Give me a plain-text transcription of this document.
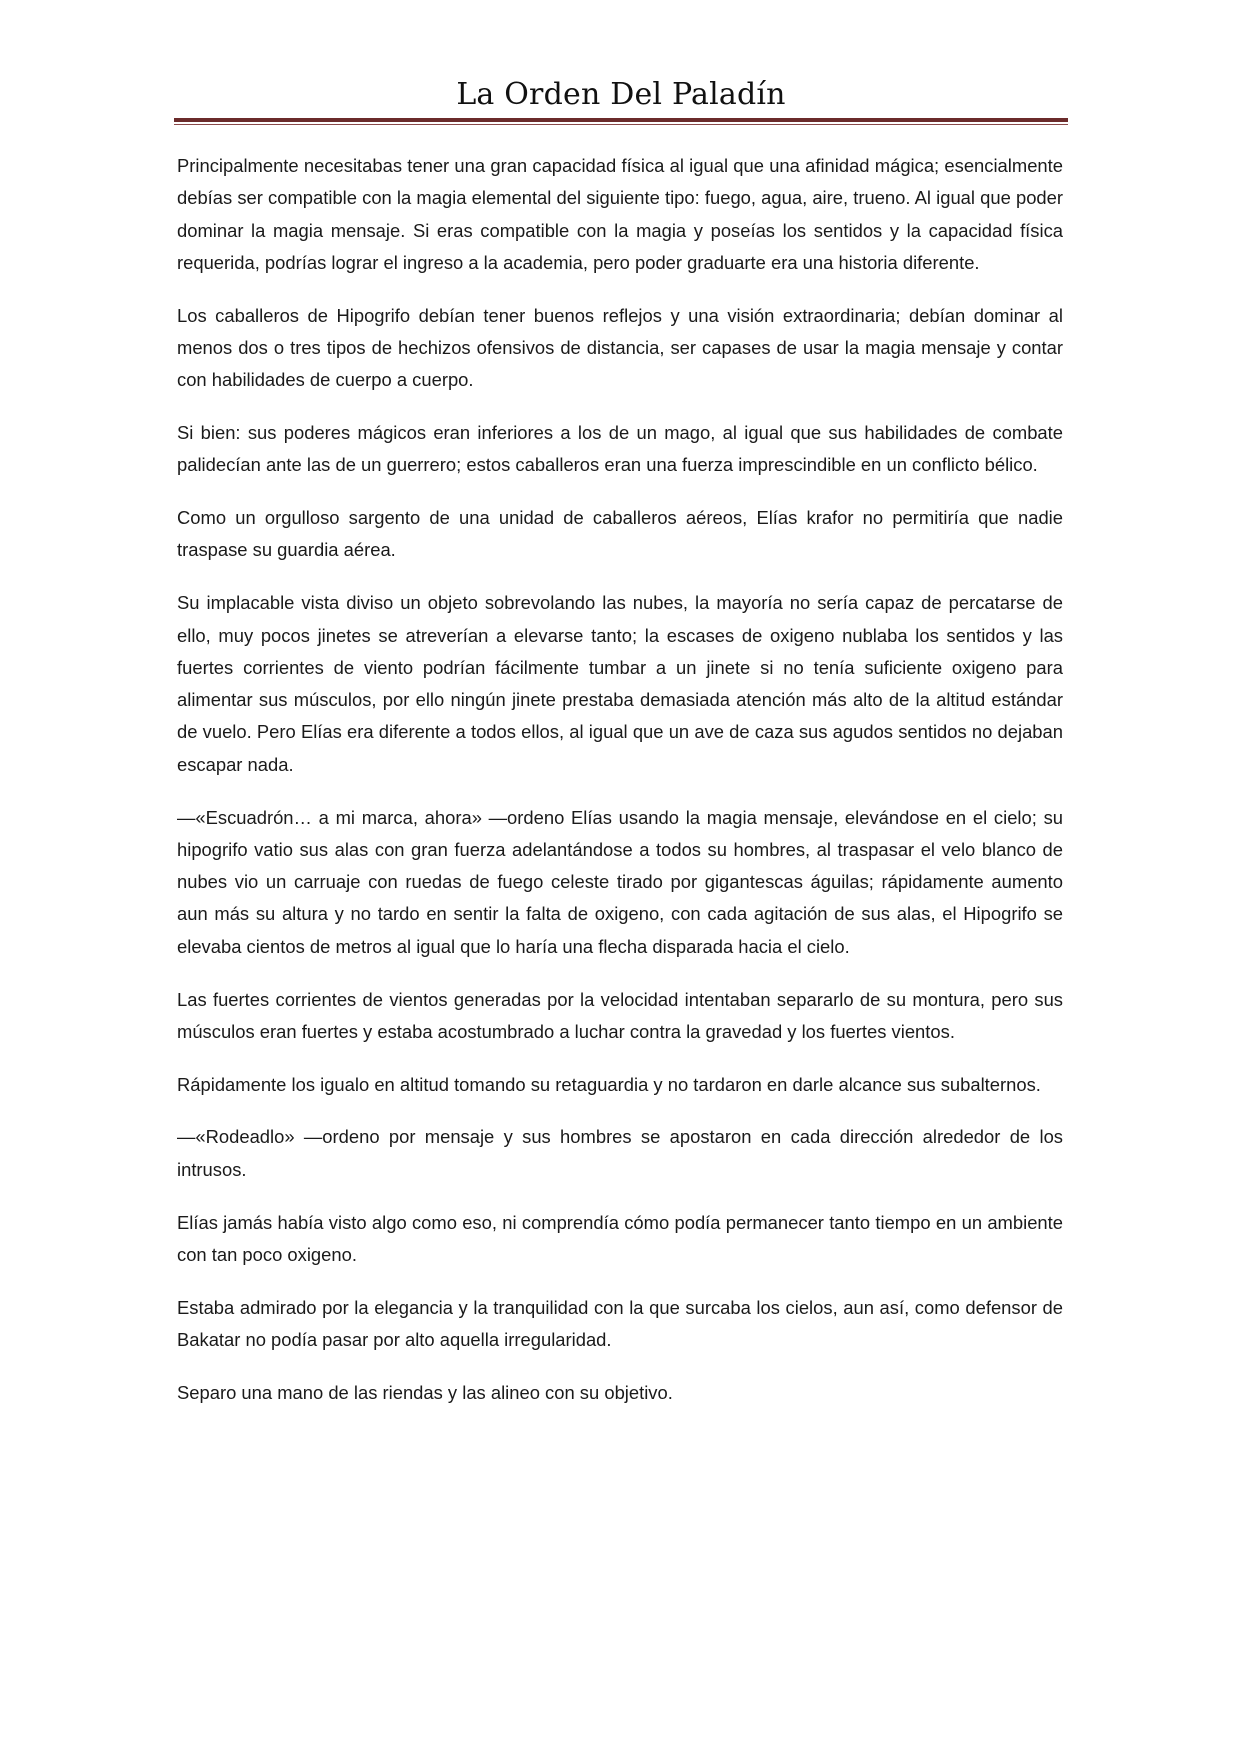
La Orden Del Paladín

Principalmente necesitabas tener una gran capacidad física al igual que una afinidad mágica; esencialmente debías ser compatible con la magia elemental del siguiente tipo: fuego, agua, aire, trueno. Al igual que poder dominar la magia mensaje. Si eras compatible con la magia y poseías los sentidos y la capacidad física requerida, podrías lograr el ingreso a la academia, pero poder graduarte era una historia diferente.

Los caballeros de Hipogrifo debían tener buenos reflejos y una visión extraordinaria; debían dominar al menos dos o tres tipos de hechizos ofensivos de distancia, ser capases de usar la magia mensaje y contar con habilidades de cuerpo a cuerpo.

Si bien: sus poderes mágicos eran inferiores a los de un mago, al igual que sus habilidades de combate palidecían ante las de un guerrero; estos caballeros eran una fuerza imprescindible en un conflicto bélico.

Como un orgulloso sargento de una unidad de caballeros aéreos, Elías krafor no permitiría que nadie traspase su guardia aérea.

Su implacable vista diviso un objeto sobrevolando las nubes, la mayoría no sería capaz de percatarse de ello, muy pocos jinetes se atreverían a elevarse tanto; la escases de oxigeno nublaba los sentidos y las fuertes corrientes de viento podrían fácilmente tumbar a un jinete si no tenía suficiente oxigeno para alimentar sus músculos, por ello ningún jinete prestaba demasiada atención más alto de la altitud estándar de vuelo. Pero Elías era diferente a todos ellos, al igual que un ave de caza sus agudos sentidos no dejaban escapar nada.

—«Escuadrón… a mi marca, ahora» —ordeno Elías usando la magia mensaje, elevándose en el cielo; su hipogrifo vatio sus alas con gran fuerza adelantándose a todos su hombres, al traspasar el velo blanco de nubes vio un carruaje con ruedas de fuego celeste tirado por gigantescas águilas; rápidamente aumento aun más su altura y no tardo en sentir la falta de oxigeno, con cada agitación de sus alas, el Hipogrifo se elevaba cientos de metros al igual que lo haría una flecha disparada hacia el cielo.

Las fuertes corrientes de vientos generadas por la velocidad intentaban separarlo de su montura, pero sus músculos eran fuertes y estaba acostumbrado a luchar contra la gravedad y los fuertes vientos.

Rápidamente los igualo en altitud tomando su retaguardia y no tardaron en darle alcance sus subalternos.

—«Rodeadlo» —ordeno por mensaje y sus hombres se apostaron en cada dirección alrededor de los intrusos.

Elías jamás había visto algo como eso, ni comprendía cómo podía permanecer tanto tiempo en un ambiente con tan poco oxigeno.

Estaba admirado por la elegancia y la tranquilidad con la que surcaba los cielos, aun así, como defensor de Bakatar no podía pasar por alto aquella irregularidad.

Separo una mano de las riendas y las alineo con su objetivo.
